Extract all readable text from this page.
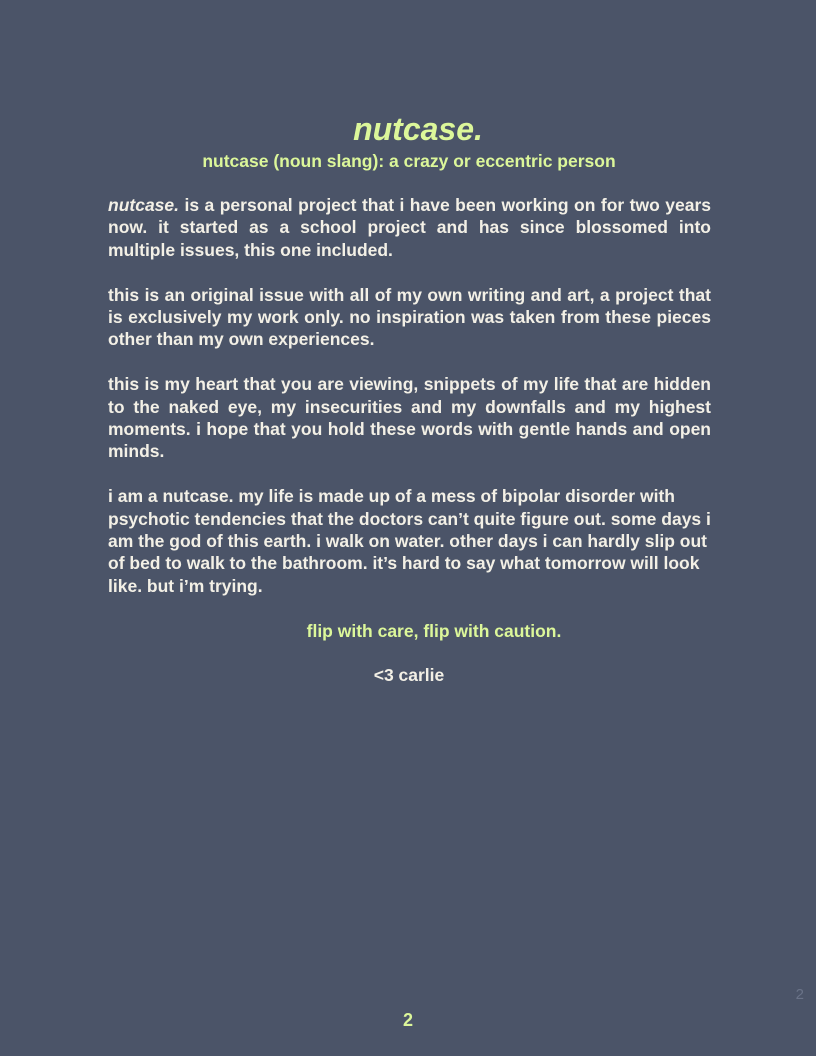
nutcase.

nutcase (noun slang): a crazy or eccentric person

nutcase. is a personal project that i have been working on for two years now. it started as a school project and has since blossomed into multiple issues, this one included.

this is an original issue with all of my own writing and art, a project that is exclusively my work only. no inspiration was taken from these pieces other than my own experiences.

this is my heart that you are viewing, snippets of my life that are hidden to the naked eye, my insecurities and my downfalls and my highest moments. i hope that you hold these words with gentle hands and open minds.

i am a nutcase. my life is made up of a mess of bipolar disorder with psychotic tendencies that the doctors can’t quite figure out. some days i am the god of this earth. i walk on water. other days i can hardly slip out of bed to walk to the bathroom. it’s hard to say what tomorrow will look like. but i’m trying.

flip with care, flip with caution.

<3 carlie

2
2
